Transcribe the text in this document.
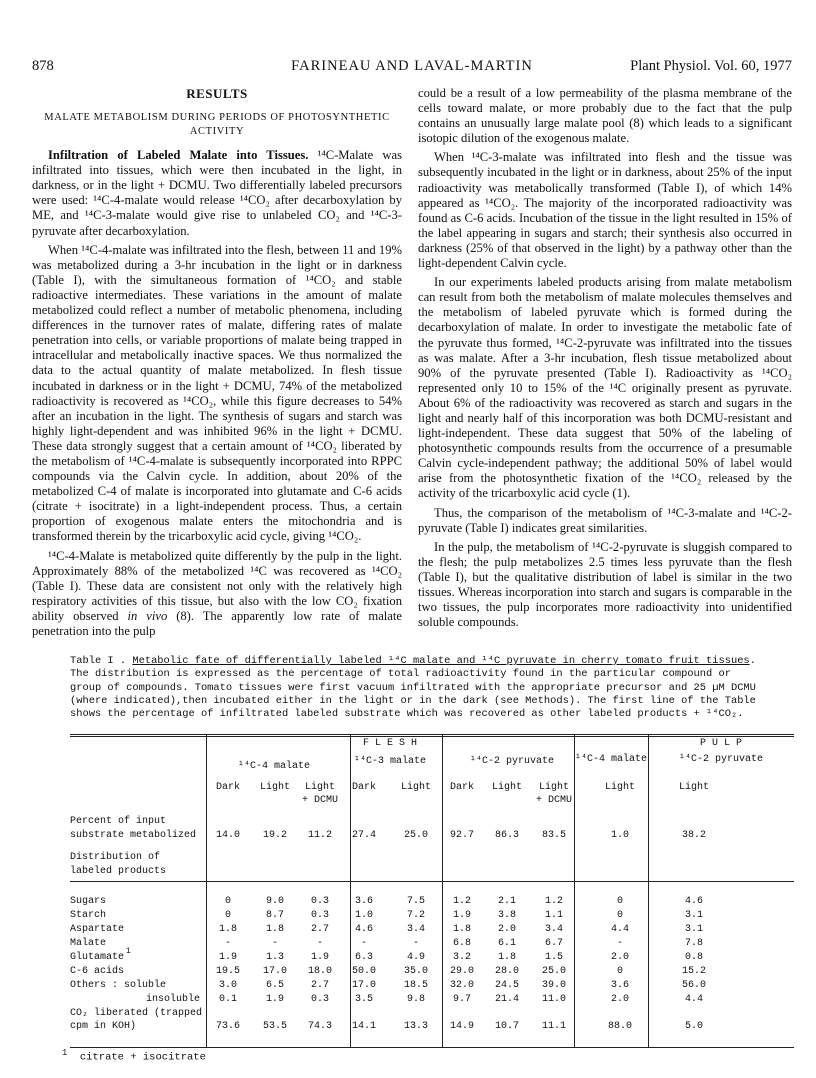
878	FARINEAU AND LAVAL-MARTIN	Plant Physiol. Vol. 60, 1977
RESULTS
MALATE METABOLISM DURING PERIODS OF PHOTOSYNTHETIC ACTIVITY

Infiltration of Labeled Malate into Tissues. ¹⁴C-Malate was infiltrated into tissues, which were then incubated in the light, in darkness, or in the light + DCMU. Two differentially labeled precursors were used: ¹⁴C-4-malate would release ¹⁴CO₂ after decarboxylation by ME, and ¹⁴C-3-malate would give rise to unlabeled CO₂ and ¹⁴C-3-pyruvate after decarboxylation.

When ¹⁴C-4-malate was infiltrated into the flesh, between 11 and 19% was metabolized during a 3-hr incubation in the light or in darkness (Table I), with the simultaneous formation of ¹⁴CO₂ and stable radioactive intermediates. These variations in the amount of malate metabolized could reflect a number of metabolic phenomena, including differences in the turnover rates of malate, differing rates of malate penetration into cells, or variable proportions of malate being trapped in intracellular and metabolically inactive spaces. We thus normalized the data to the actual quantity of malate metabolized. In flesh tissue incubated in darkness or in the light + DCMU, 74% of the metabolized radioactivity is recovered as ¹⁴CO₂, while this figure decreases to 54% after an incubation in the light. The synthesis of sugars and starch was highly light-dependent and was inhibited 96% in the light + DCMU. These data strongly suggest that a certain amount of ¹⁴CO₂ liberated by the metabolism of ¹⁴C-4-malate is subsequently incorporated into RPPC compounds via the Calvin cycle. In addition, about 20% of the metabolized C-4 of malate is incorporated into glutamate and C-6 acids (citrate + isocitrate) in a light-independent process. Thus, a certain proportion of exogenous malate enters the mitochondria and is transformed therein by the tricarboxylic acid cycle, giving ¹⁴CO₂.

¹⁴C-4-Malate is metabolized quite differently by the pulp in the light. Approximately 88% of the metabolized ¹⁴C was recovered as ¹⁴CO₂ (Table I). These data are consistent not only with the relatively high respiratory activities of this tissue, but also with the low CO₂ fixation ability observed in vivo (8). The apparently low rate of malate penetration into the pulp

could be a result of a low permeability of the plasma membrane of the cells toward malate, or more probably due to the fact that the pulp contains an unusually large malate pool (8) which leads to a significant isotopic dilution of the exogenous malate.

When ¹⁴C-3-malate was infiltrated into flesh and the tissue was subsequently incubated in the light or in darkness, about 25% of the input radioactivity was metabolically transformed (Table I), of which 14% appeared as ¹⁴CO₂. The majority of the incorporated radioactivity was found as C-6 acids. Incubation of the tissue in the light resulted in 15% of the label appearing in sugars and starch; their synthesis also occurred in darkness (25% of that observed in the light) by a pathway other than the light-dependent Calvin cycle.

In our experiments labeled products arising from malate metabolism can result from both the metabolism of malate molecules themselves and the metabolism of labeled pyruvate which is formed during the decarboxylation of malate. In order to investigate the metabolic fate of the pyruvate thus formed, ¹⁴C-2-pyruvate was infiltrated into the tissues as was malate. After a 3-hr incubation, flesh tissue metabolized about 90% of the pyruvate presented (Table I). Radioactivity as ¹⁴CO₂ represented only 10 to 15% of the ¹⁴C originally present as pyruvate. About 6% of the radioactivity was recovered as starch and sugars in the light and nearly half of this incorporation was both DCMU-resistant and light-independent. These data suggest that 50% of the labeling of photosynthetic compounds results from the occurrence of a presumable Calvin cycle-independent pathway; the additional 50% of label would arise from the photosynthetic fixation of the ¹⁴CO₂ released by the activity of the tricarboxylic acid cycle (1).

Thus, the comparison of the metabolism of ¹⁴C-3-malate and ¹⁴C-2-pyruvate (Table I) indicates great similarities.

In the pulp, the metabolism of ¹⁴C-2-pyruvate is sluggish compared to the flesh; the pulp metabolizes 2.5 times less pyruvate than the flesh (Table I), but the qualitative distribution of label is similar in the two tissues. Whereas incorporation into starch and sugars is comparable in the two tissues, the pulp incorporates more radioactivity into unidentified soluble compounds.

Table I . Metabolic fate of differentially labeled ¹⁴C malate and ¹⁴C pyruvate in cherry tomato fruit tissues.
The distribution is expressed as the percentage of total radioactivity found in the particular compound or
group of compounds. Tomato tissues were first vacuum infiltrated with the appropriate precursor and 25 µM DCMU
(where indicated),then incubated either in the light or in the dark (see Methods). The first line of the Table
shows the percentage of infiltrated labeled substrate which was recovered as other labeled products + ¹⁴CO₂.
F L E S H	P U L P
¹⁴C-4 malate	¹⁴C-3 malate	¹⁴C-2 pyruvate ¹⁴C-4 malate	¹⁴C-2 pyruvate
Dark Light Light Dark Light Dark Light Light	Light	Light
+ DCMU	+ DCMU
Percent of input
substrate metabolized 14.0 19.2 11.2 27.4	25.0 92.7 86.3 83.5	1.0	38.2
Distribution of
labeled products
Sugars	0	9.0	0.3	3.6	7.5	1.2	2.1	1.2	0	4.6
Starch	0	8.7	0.3	1.0	7.2	1.9	3.8	1.1	0	3.1
Aspartate	1.8	1.8	2.7	4.6	3.4	1.8	2.0	3.4	4.4	3.1
Malate	-	-	-	-	-	6.8	6.1	6.7	-	7.8
Glutamate	1.9	1.3	1.9	6.3	4.9	3.2	1.8	1.5	2.0	0.8
C-6 acids	19.5 17.0 18.0 50.0	35.0 29.0 28.0 25.0	0	15.2
Others : soluble	3.0	6.5	2.7 17.0	18.5 32.0 24.5 39.0	3.6	56.0
insoluble 0.1	1.9	0.3	3.5	9.8	9.7 21.4 11.0	2.0	4.4
1
CO₂ liberated (trapped
cpm in KOH)	73.6 53.5 74.3 14.1	13.3 14.9 10.7 11.1	88.0	5.0
$^1$ citrate + isocitrate
